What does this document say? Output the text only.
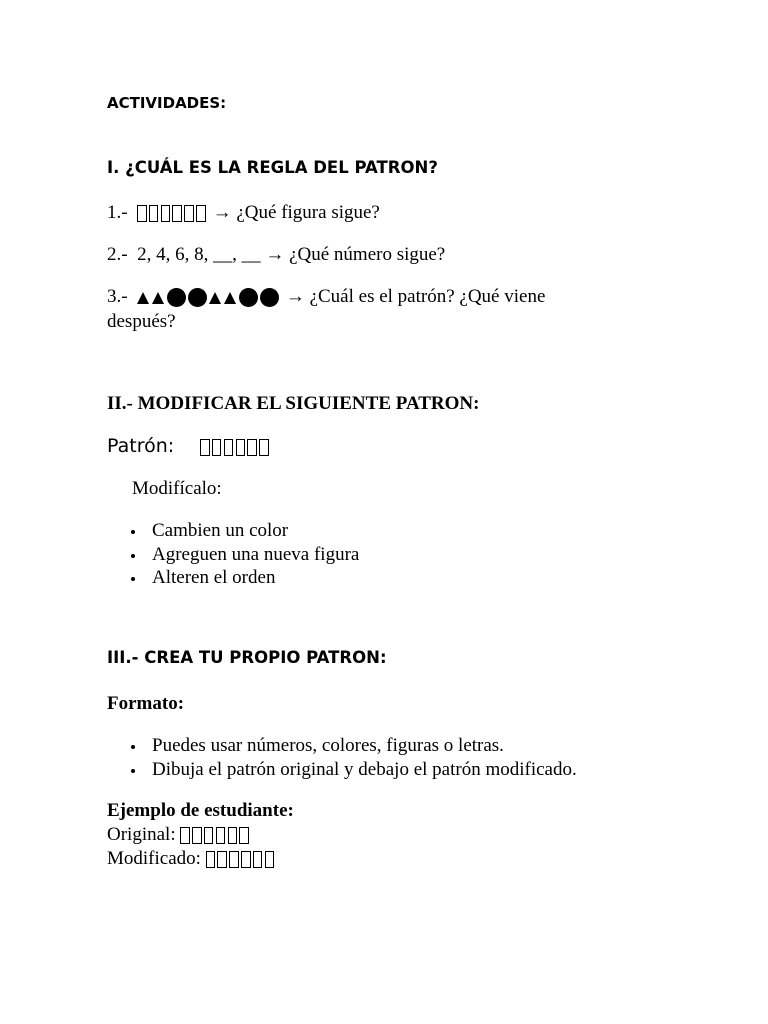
ACTIVIDADES:
I. ¿CUÁL ES LA REGLA DEL PATRON?
1.-	→ ¿Qué figura sigue?
2.- 2, 4, 6, 8, __, __ → ¿Qué número sigue?
3.-	→ ¿Cuál es el patrón? ¿Qué viene
después?
II.- MODIFICAR EL SIGUIENTE PATRON:
Patrón:
Modifícalo:
Cambien un color
Agreguen una nueva figura
Alteren el orden
III.- CREA TU PROPIO PATRON:
Formato:
Puedes usar números, colores, figuras o letras.
Dibuja el patrón original y debajo el patrón modificado.
Ejemplo de estudiante:
Original:
Modificado:
